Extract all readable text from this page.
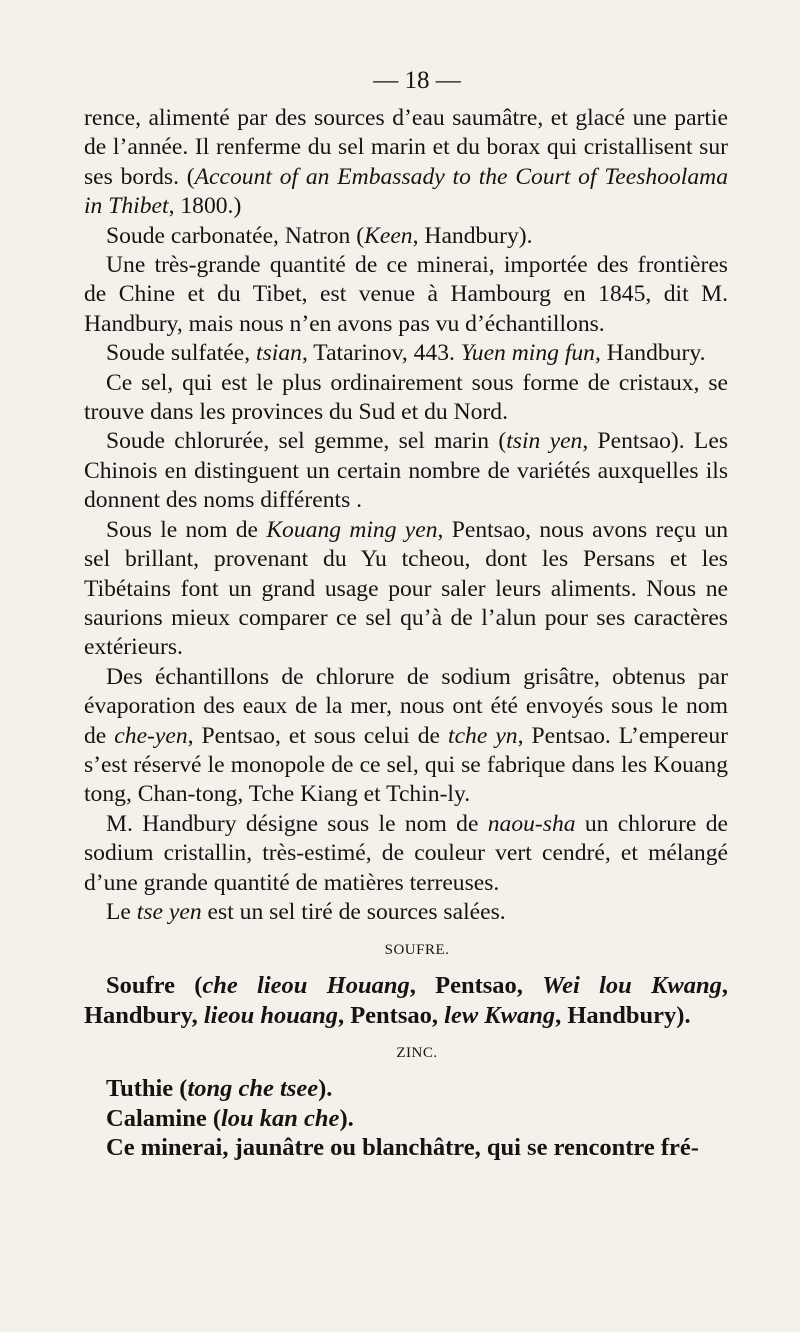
— 18 —

rence, alimenté par des sources d’eau saumâtre, et glacé une partie de l’année. Il renferme du sel marin et du borax qui cristallisent sur ses bords. (Account of an Embassady to the Court of Teeshoolama in Thibet, 1800.)

Soude carbonatée, Natron (Keen, Handbury).

Une très-grande quantité de ce minerai, importée des frontières de Chine et du Tibet, est venue à Hambourg en 1845, dit M. Handbury, mais nous n’en avons pas vu d’échantillons.

Soude sulfatée, tsian, Tatarinov, 443. Yuen ming fun, Handbury.

Ce sel, qui est le plus ordinairement sous forme de cristaux, se trouve dans les provinces du Sud et du Nord.

Soude chlorurée, sel gemme, sel marin (tsin yen, Pentsao). Les Chinois en distinguent un certain nombre de variétés auxquelles ils donnent des noms différents .

Sous le nom de Kouang ming yen, Pentsao, nous avons reçu un sel brillant, provenant du Yu tcheou, dont les Persans et les Tibétains font un grand usage pour saler leurs aliments. Nous ne saurions mieux comparer ce sel qu’à de l’alun pour ses caractères extérieurs.

Des échantillons de chlorure de sodium grisâtre, obtenus par évaporation des eaux de la mer, nous ont été envoyés sous le nom de che-yen, Pentsao, et sous celui de tche yn, Pentsao. L’empereur s’est réservé le monopole de ce sel, qui se fabrique dans les Kouang tong, Chan-tong, Tche Kiang et Tchin-ly.

M. Handbury désigne sous le nom de naou-sha un chlorure de sodium cristallin, très-estimé, de couleur vert cendré, et mélangé d’une grande quantité de matières terreuses.

Le tse yen est un sel tiré de sources salées.

SOUFRE.

Soufre (che lieou Houang, Pentsao, Wei lou Kwang, Handbury, lieou houang, Pentsao, lew Kwang, Handbury).

ZINC.

Tuthie (tong che tsee).

Calamine (lou kan che).

Ce minerai, jaunâtre ou blanchâtre, qui se rencontre fré-
